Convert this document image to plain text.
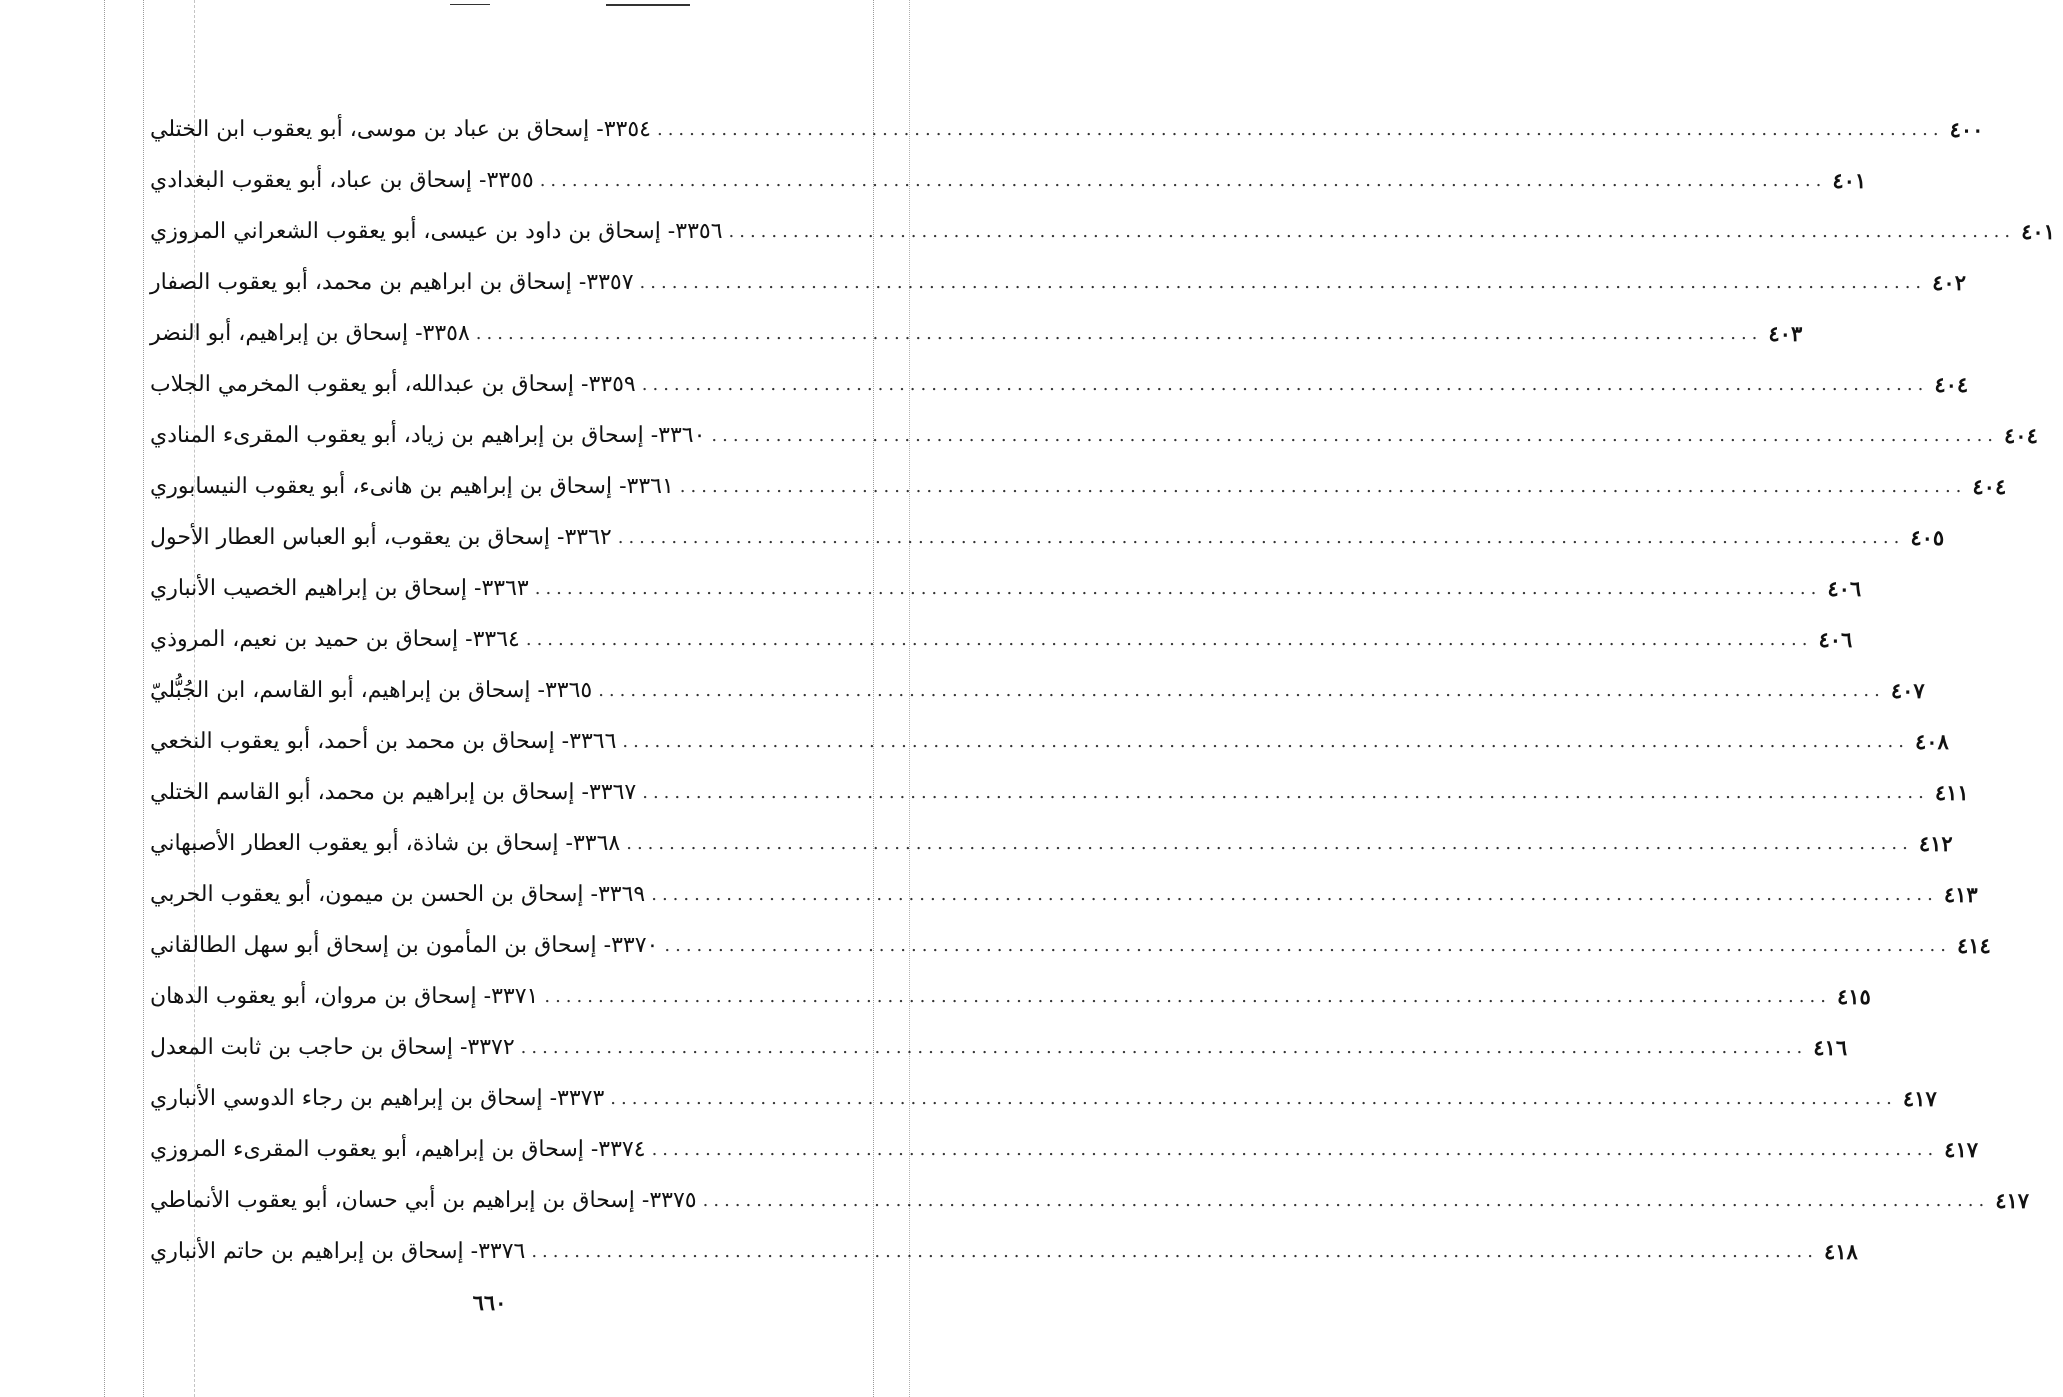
٣٣٥٤- إسحاق بن عباد بن موسى، أبو يعقوب ابن الختلي ........................................................................................................................ ٤٠٠
٣٣٥٥- إسحاق بن عباد، أبو يعقوب البغدادي ........................................................................................................................ ٤٠١
٣٣٥٦- إسحاق بن داود بن عيسى، أبو يعقوب الشعراني المروزي ........................................................................................................................ ٤٠١
٣٣٥٧- إسحاق بن ابراهيم بن محمد، أبو يعقوب الصفار ........................................................................................................................ ٤٠٢
٣٣٥٨- إسحاق بن إبراهيم، أبو النضر ........................................................................................................................ ٤٠٣
٣٣٥٩- إسحاق بن عبدالله، أبو يعقوب المخرمي الجلاب ........................................................................................................................ ٤٠٤
٣٣٦٠- إسحاق بن إبراهيم بن زياد، أبو يعقوب المقرىء المنادي ........................................................................................................................ ٤٠٤
٣٣٦١- إسحاق بن إبراهيم بن هانىء، أبو يعقوب النيسابوري ........................................................................................................................ ٤٠٤
٣٣٦٢- إسحاق بن يعقوب، أبو العباس العطار الأحول ........................................................................................................................ ٤٠٥
٣٣٦٣- إسحاق بن إبراهيم الخصيب الأنباري ........................................................................................................................ ٤٠٦
٣٣٦٤- إسحاق بن حميد بن نعيم، المروذي ........................................................................................................................ ٤٠٦
٣٣٦٥- إسحاق بن إبراهيم، أبو القاسم، ابن الجُبُّليّ ........................................................................................................................ ٤٠٧
٣٣٦٦- إسحاق بن محمد بن أحمد، أبو يعقوب النخعي ........................................................................................................................ ٤٠٨
٣٣٦٧- إسحاق بن إبراهيم بن محمد، أبو القاسم الختلي ........................................................................................................................ ٤١١
٣٣٦٨- إسحاق بن شاذة، أبو يعقوب العطار الأصبهاني ........................................................................................................................ ٤١٢
٣٣٦٩- إسحاق بن الحسن بن ميمون، أبو يعقوب الحربي ........................................................................................................................ ٤١٣
٣٣٧٠- إسحاق بن المأمون بن إسحاق أبو سهل الطالقاني ........................................................................................................................ ٤١٤
٣٣٧١- إسحاق بن مروان، أبو يعقوب الدهان ........................................................................................................................ ٤١٥
٣٣٧٢- إسحاق بن حاجب بن ثابت المعدل ........................................................................................................................ ٤١٦
٣٣٧٣- إسحاق بن إبراهيم بن رجاء الدوسي الأنباري ........................................................................................................................ ٤١٧
٣٣٧٤- إسحاق بن إبراهيم، أبو يعقوب المقرىء المروزي ........................................................................................................................ ٤١٧
٣٣٧٥- إسحاق بن إبراهيم بن أبي حسان، أبو يعقوب الأنماطي ........................................................................................................................ ٤١٧
٣٣٧٦- إسحاق بن إبراهيم بن حاتم الأنباري ........................................................................................................................ ٤١٨
٦٦٠
